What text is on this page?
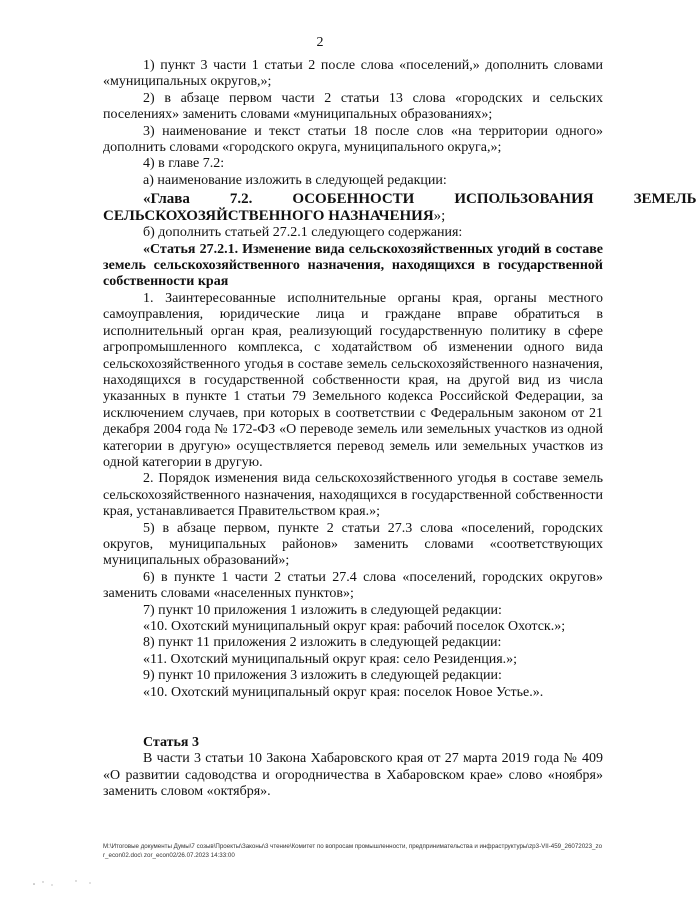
2

1) пункт 3 части 1 статьи 2 после слова «поселений,» дополнить словами «муниципальных округов,»;

2) в абзаце первом части 2 статьи 13 слова «городских и сельских поселениях» заменить словами «муниципальных образованиях»;

3) наименование и текст статьи 18 после слов «на территории одного» дополнить словами «городского округа, муниципального округа,»;

4) в главе 7.2:

а) наименование изложить в следующей редакции:

«Глава	7.2.	ОСОБЕННОСТИ	ИСПОЛЬЗОВАНИЯ	ЗЕМЕЛЬ
СЕЛЬСКОХОЗЯЙСТВЕННОГО НАЗНАЧЕНИЯ»;

б) дополнить статьей 27.2.1 следующего содержания:

«Статья 27.2.1. Изменение вида сельскохозяйственных угодий в составе земель сельскохозяйственного назначения, находящихся в государственной собственности края

1. Заинтересованные исполнительные органы края, органы местного самоуправления, юридические лица и граждане вправе обратиться в исполнительный орган края, реализующий государственную политику в сфере агропромышленного комплекса, с ходатайством об изменении одного вида сельскохозяйственного угодья в составе земель сельскохозяйственного назначения, находящихся в государственной собственности края, на другой вид из числа указанных в пункте 1 статьи 79 Земельного кодекса Российской Федерации, за исключением случаев, при которых в соответствии с Федеральным законом от 21 декабря 2004 года № 172-ФЗ «О переводе земель или земельных участков из одной категории в другую» осуществляется перевод земель или земельных участков из одной категории в другую.

2. Порядок изменения вида сельскохозяйственного угодья в составе земель сельскохозяйственного назначения, находящихся в государственной собственности края, устанавливается Правительством края.»;

5) в абзаце первом, пункте 2 статьи 27.3 слова «поселений, городских округов, муниципальных районов» заменить словами «соответствующих муниципальных образований»;

6) в пункте 1 части 2 статьи 27.4 слова «поселений, городских округов» заменить словами «населенных пунктов»;

7) пункт 10 приложения 1 изложить в следующей редакции:

«10. Охотский муниципальный округ края: рабочий поселок Охотск.»;

8) пункт 11 приложения 2 изложить в следующей редакции:

«11. Охотский муниципальный округ края: село Резиденция.»;

9) пункт 10 приложения 3 изложить в следующей редакции:

«10. Охотский муниципальный округ края: поселок Новое Устье.».

Статья 3

В части 3 статьи 10 Закона Хабаровского края от 27 марта 2019 года № 409 «О развитии садоводства и огородничества в Хабаровском крае» слово «ноября» заменить словом «октября».

M:\Итоговые документы Думы\7 созыв\Проекты\Законы\3 чтение\Комитет по вопросам промышленности, предпринимательства и инфраструктуры\zp3-VII-459_26072023_zor_econ02.doc\ zor_econ02/26.07.2023 14:33:00
